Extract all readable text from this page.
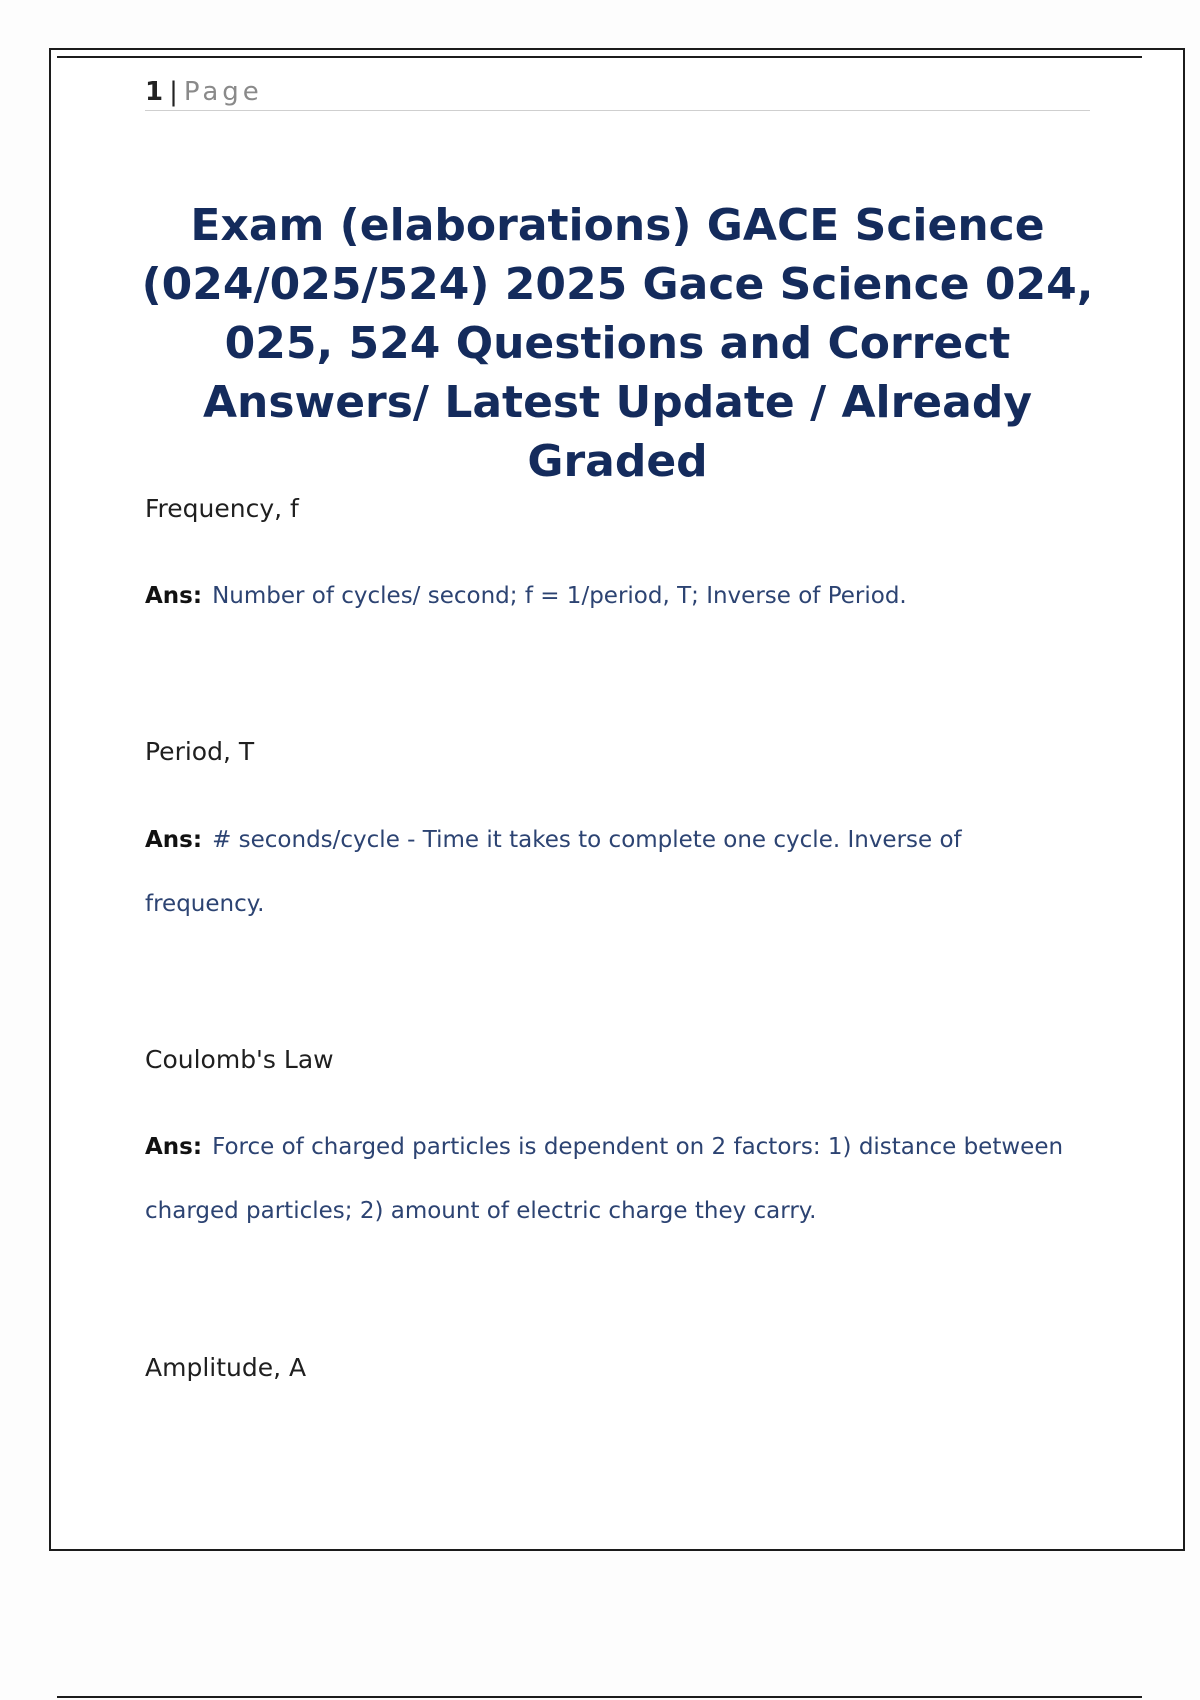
1 | Page
Exam (elaborations) GACE Science (024/025/524) 2025 Gace Science 024, 025, 524 Questions and Correct Answers/ Latest Update / Already Graded
Frequency, f
Ans: Number of cycles/ second; f = 1/period, T; Inverse of Period.
Period, T
Ans: # seconds/cycle - Time it takes to complete one cycle. Inverse of frequency.
Coulomb's Law
Ans: Force of charged particles is dependent on 2 factors: 1) distance between charged particles; 2) amount of electric charge they carry.
Amplitude, A
